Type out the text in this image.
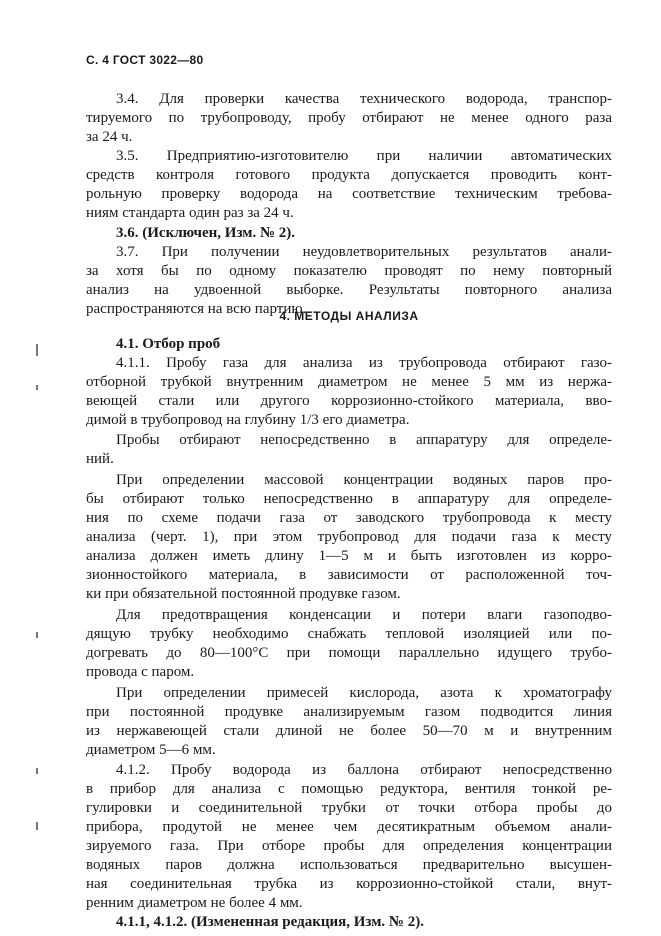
С. 4 ГОСТ 3022—80
3.4. Для проверки качества технического водорода, транспор-
тируемого по трубопроводу, пробу отбирают не менее одного раза
за 24 ч.
3.5. Предприятию-изготовителю при наличии автоматических
средств контроля готового продукта допускается проводить конт-
рольную проверку водорода на соответствие техническим требова-
ниям стандарта один раз за 24 ч.
3.6. (Исключен, Изм. № 2).
3.7. При получении неудовлетворительных результатов анали-
за хотя бы по одному показателю проводят по нему повторный
анализ на удвоенной выборке. Результаты повторного анализа
распространяются на всю партию.
4. МЕТОДЫ АНАЛИЗА
4.1. Отбор проб
4.1.1. Пробу газа для анализа из трубопровода отбирают газо-
отборной трубкой внутренним диаметром не менее 5 мм из нержа-
веющей стали или другого коррозионно-стойкого материала, вво-
димой в трубопровод на глубину 1/3 его диаметра.
Пробы отбирают непосредственно в аппаратуру для определе-
ний.
При определении массовой концентрации водяных паров про-
бы отбирают только непосредственно в аппаратуру для определе-
ния по схеме подачи газа от заводского трубопровода к месту
анализа (черт. 1), при этом трубопровод для подачи газа к месту
анализа должен иметь длину 1—5 м и быть изготовлен из корро-
зионностойкого материала, в зависимости от расположенной точ-
ки при обязательной постоянной продувке газом.
Для предотвращения конденсации и потери влаги газоподво-
дящую трубку необходимо снабжать тепловой изоляцией или по-
догревать до 80—100°С при помощи параллельно идущего трубо-
провода с паром.
При определении примесей кислорода, азота к хроматографу
при постоянной продувке анализируемым газом подводится линия
из нержавеющей стали длиной не более 50—70 м и внутренним
диаметром 5—6 мм.
4.1.2. Пробу водорода из баллона отбирают непосредственно
в прибор для анализа с помощью редуктора, вентиля тонкой ре-
гулировки и соединительной трубки от точки отбора пробы до
прибора, продутой не менее чем десятикратным объемом анали-
зируемого газа. При отборе пробы для определения концентрации
водяных паров должна использоваться предварительно высушен-
ная соединительная трубка из коррозионно-стойкой стали, внут-
ренним диаметром не более 4 мм.
4.1.1, 4.1.2. (Измененная редакция, Изм. № 2).
